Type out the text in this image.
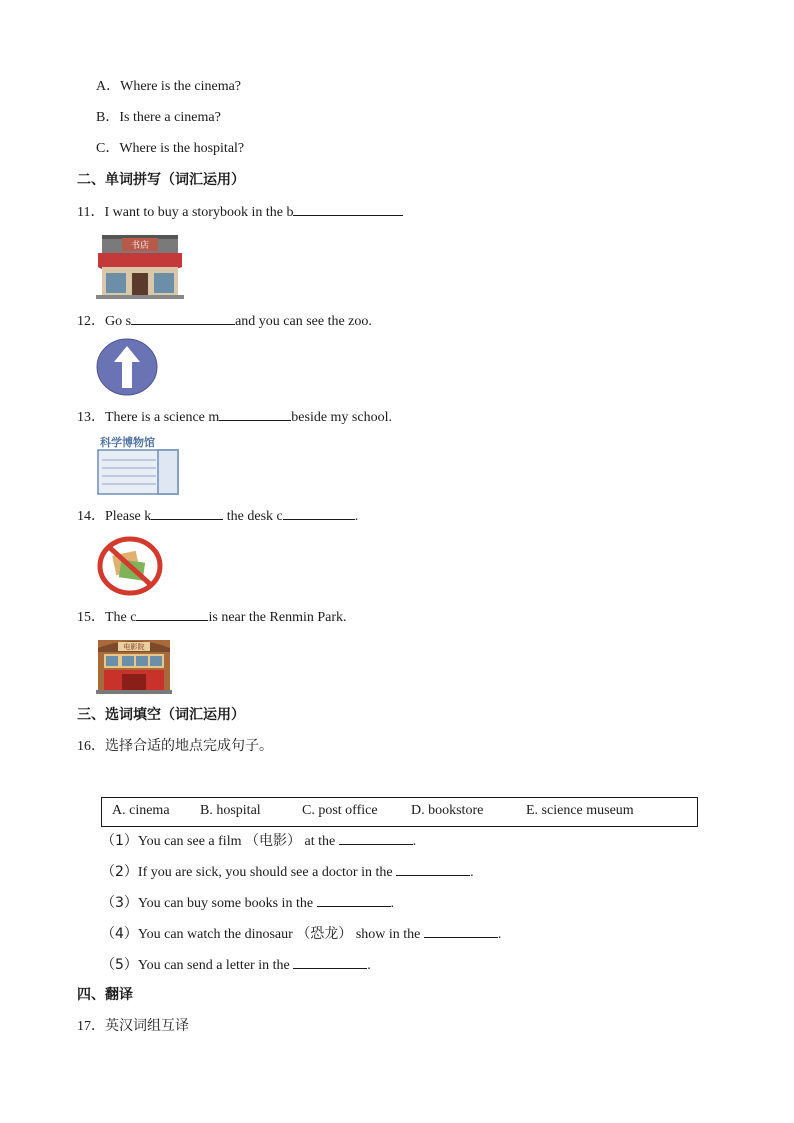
A．Where is the cinema?
B．Is there a cinema?
C．Where is the hospital?
二、单词拼写（词汇运用）
11．I want to buy a storybook in the b
书店
12．Go s	and you can see the zoo.
13．There is a science m	beside my school.
科学博物馆
14．Please k	the desk c	.
15．The c	is near the Renmin Park.
电影院
三、选词填空（词汇运用）
16．选择合适的地点完成句子。
A. cinema B. hospital	C. post office D. bookstore	E. science museum
（1）You can see a film （电影） at the	.
（2）If you are sick, you should see a doctor in the	.
（3）You can buy some books in the	.
（4）You can watch the dinosaur （恐龙） show in the	.
（5）You can send a letter in the	.
四、翻译
17．英汉词组互译
